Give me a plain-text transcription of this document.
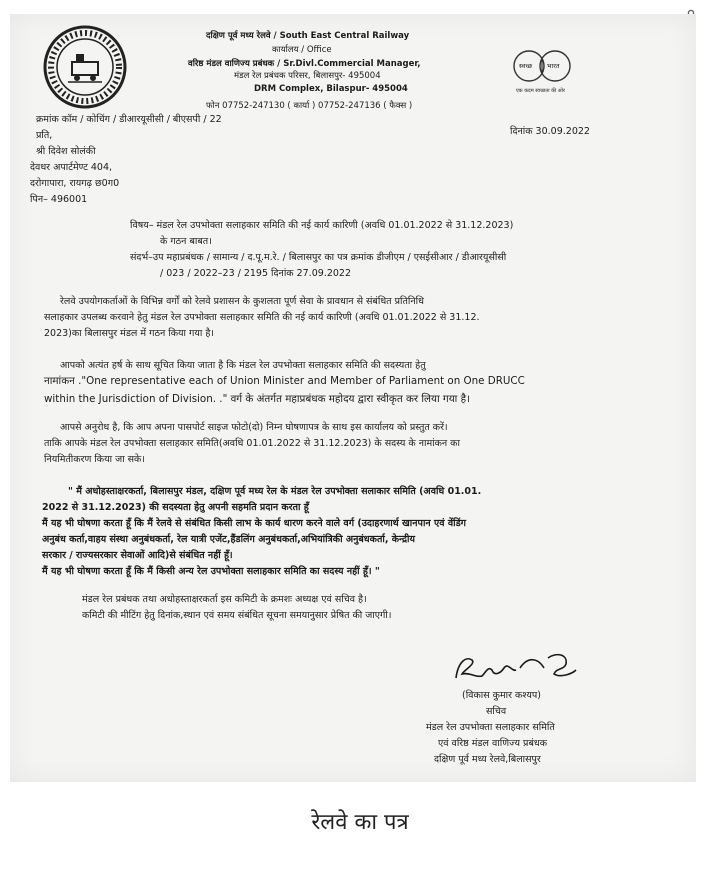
दक्षिण पूर्व मध्य रेलवे / South East Central Railway
कार्यालय / Office
वरिष्ठ मंडल वाणिज्य प्रबंधक / Sr.Divl.Commercial Manager,
मंडल रेल प्रबंधक परिसर, बिलासपुर- 495004
DRM Complex, Bilaspur- 495004
फोन 07752-247130 ( कार्या ) 07752-247136 ( फैक्स )
स्वच्छ भारत
एक कदम स्वच्छता की ओर
क्रमांक कॉम / कोचिंग / डीआरयूसीसी / बीएसपी / 22
दिनांक 30.09.2022
प्रति,
श्री दिवेश सोलंकी
देवधर अपार्टमेण्ट 404,
दरोगापारा, रायगढ़ छ0ग0
पिन– 496001
विषय– मंडल रेल उपभोक्ता सलाहकार समिति की नई कार्य कारिणी (अवधि 01.01.2022 से 31.12.2023)
के गठन बाबत।
संदर्भ–उप महाप्रबंधक / सामान्य / द.पू.म.रे. / बिलासपुर का पत्र क्रमांक डीजीएम / एसईसीआर / डीआरयूसीसी
/ 023 / 2022–23 / 2195 दिनांक 27.09.2022
रेलवे उपयोगकर्ताओं के विभिन्न वर्गों को रेलवे प्रशासन के कुशलता पूर्ण सेवा के प्रावधान से संबंधित प्रतिनिधि
सलाहकार उपलब्ध करवाने हेतु मंडल रेल उपभोक्ता सलाहकार समिति की नई कार्य कारिणी (अवधि 01.01.2022 से 31.12.
2023)का बिलासपुर मंडल में गठन किया गया है।
आपको अत्यंत हर्ष के साथ सूचित किया जाता है कि मंडल रेल उपभोक्ता सलाहकार समिति की सदस्यता हेतु
नामांकन ."One representative each of Union Minister and Member of Parliament on One DRUCC
within the Jurisdiction of Division. ." वर्ग के अंतर्गत महाप्रबंधक महोदय द्वारा स्वीकृत कर लिया गया है।
आपसे अनुरोध है, कि आप अपना पासपोर्ट साइज फोटो(दो) निम्न घोषणापत्र के साथ इस कार्यालय को प्रस्तुत करें।
ताकि आपके मंडल रेल उपभोक्ता सलाहकार समिति(अवधि 01.01.2022 से 31.12.2023) के सदस्य के नामांकन का
नियमितीकरण किया जा सके।
" मैं अधोहस्ताक्षरकर्ता, बिलासपुर मंडल, दक्षिण पूर्व मध्य रेल के मंडल रेल उपभोक्ता सलाकार समिति (अवधि 01.01.
2022 से 31.12.2023) की सदस्यता हेतु अपनी सहमति प्रदान करता हूँ
मैं यह भी घोषणा करता हूँ कि मैं रेलवे से संबंधित किसी लाभ के कार्य धारण करने वाले वर्ग (उदाहरणार्थ खानपान एवं वेंडिंग
अनुबंध कर्ता,वाहय संस्था अनुबंधकर्ता, रेल यात्री एजेंट,हैंडलिंग अनुबंधकर्ता,अभियांत्रिकी अनुबंधकर्ता, केन्द्रीय
सरकार / राज्यसरकार सेवाओं आदि)से संबंधित नहीं हूँ।
मैं यह भी घोषणा करता हूँ कि मैं किसी अन्य रेल उपभोक्ता सलाहकार समिति का सदस्य नहीं हूँ। "
मंडल रेल प्रबंधक तथा अधोहस्ताक्षरकर्ता इस कमिटी के क्रमशः अध्यक्ष एवं सचिव है।
कमिटी की मीटिंग हेतु दिनांक,स्थान एवं समय संबंधित सूचना समयानुसार प्रेषित की जाएगी।
(विकास कुमार कश्यप)
सचिव
मंडल रेल उपभोक्ता सलाहकार समिति
एवं वरिष्ठ मंडल वाणिज्य प्रबंधक
दक्षिण पूर्व मध्य रेलवे,बिलासपुर
रेलवे का पत्र
